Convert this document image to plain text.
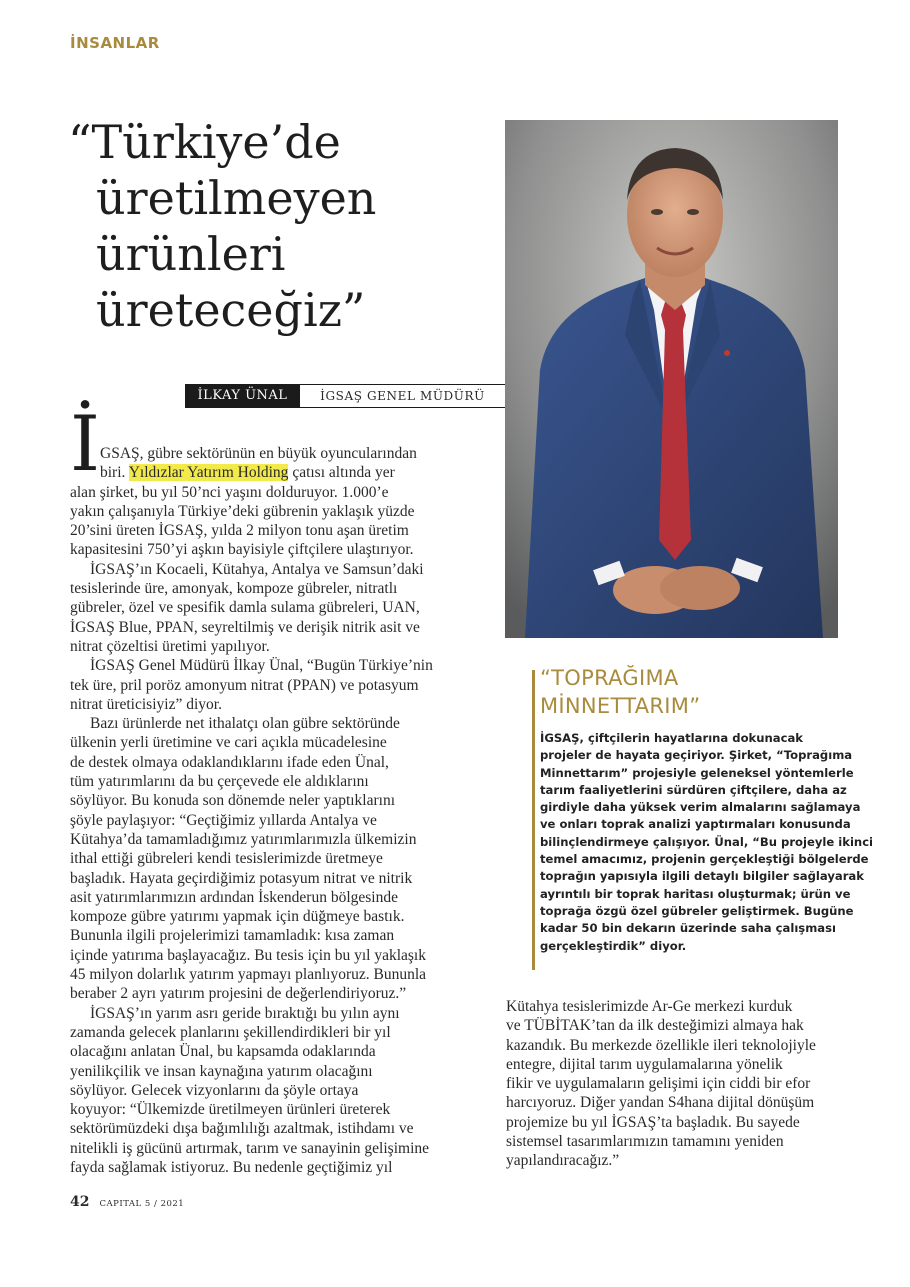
İNSANLAR
“Türkiye’de
üretilmeyen
ürünleri
üreteceğiz”
İLKAY ÜNAL	İGSAŞ GENEL MÜDÜRÜ
İ GSAŞ, gübre sektörünün en büyük oyuncularından
biri. Yıldızlar Yatırım Holding çatısı altında yer

alan şirket, bu yıl 50’nci yaşını dolduruyor. 1.000’e
yakın çalışanıyla Türkiye’deki gübrenin yaklaşık yüzde
20’sini üreten İGSAŞ, yılda 2 milyon tonu aşan üretim
kapasitesini 750’yi aşkın bayisiyle çiftçilere ulaştırıyor.

İGSAŞ’ın Kocaeli, Kütahya, Antalya ve Samsun’daki
tesislerinde üre, amonyak, kompoze gübreler, nitratlı
gübreler, özel ve spesifik damla sulama gübreleri, UAN,
İGSAŞ Blue, PPAN, seyreltilmiş ve derişik nitrik asit ve
nitrat çözeltisi üretimi yapılıyor.

İGSAŞ Genel Müdürü İlkay Ünal, “Bugün Türkiye’nin
tek üre, pril poröz amonyum nitrat (PPAN) ve potasyum
nitrat üreticisiyiz” diyor.

Bazı ürünlerde net ithalatçı olan gübre sektöründe
ülkenin yerli üretimine ve cari açıkla mücadelesine
de destek olmaya odaklandıklarını ifade eden Ünal,
tüm yatırımlarını da bu çerçevede ele aldıklarını
söylüyor. Bu konuda son dönemde neler yaptıklarını
şöyle paylaşıyor: “Geçtiğimiz yıllarda Antalya ve
Kütahya’da tamamladığımız yatırımlarımızla ülkemizin
ithal ettiği gübreleri kendi tesislerimizde üretmeye
başladık. Hayata geçirdiğimiz potasyum nitrat ve nitrik
asit yatırımlarımızın ardından İskenderun bölgesinde
kompoze gübre yatırımı yapmak için düğmeye bastık.
Bununla ilgili projelerimizi tamamladık: kısa zaman
içinde yatırıma başlayacağız. Bu tesis için bu yıl yaklaşık
45 milyon dolarlık yatırım yapmayı planlıyoruz. Bununla
beraber 2 ayrı yatırım projesini de değerlendiriyoruz.”

İGSAŞ’ın yarım asrı geride bıraktığı bu yılın aynı
zamanda gelecek planlarını şekillendirdikleri bir yıl
olacağını anlatan Ünal, bu kapsamda odaklarında
yenilikçilik ve insan kaynağına yatırım olacağını
söylüyor. Gelecek vizyonlarını da şöyle ortaya
koyuyor: “Ülkemizde üretilmeyen ürünleri üreterek
sektörümüzdeki dışa bağımlılığı azaltmak, istihdamı ve
nitelikli iş gücünü artırmak, tarım ve sanayinin gelişimine
fayda sağlamak istiyoruz. Bu nedenle geçtiğimiz yıl

“TOPRAĞIMA
MİNNETTARIM”
İGSAŞ, çiftçilerin hayatlarına dokunacak
projeler de hayata geçiriyor. Şirket, “Toprağıma
Minnettarım” projesiyle geleneksel yöntemlerle
tarım faaliyetlerini sürdüren çiftçilere, daha az
girdiyle daha yüksek verim almalarını sağlamaya
ve onları toprak analizi yaptırmaları konusunda
bilinçlendirmeye çalışıyor. Ünal, “Bu projeyle ikinci
temel amacımız, projenin gerçekleştiği bölgelerde
toprağın yapısıyla ilgili detaylı bilgiler sağlayarak
ayrıntılı bir toprak haritası oluşturmak; ürün ve
toprağa özgü özel gübreler geliştirmek. Bugüne
kadar 50 bin dekarın üzerinde saha çalışması
gerçekleştirdik” diyor.
Kütahya tesislerimizde Ar-Ge merkezi kurduk
ve TÜBİTAK’tan da ilk desteğimizi almaya hak
kazandık. Bu merkezde özellikle ileri teknolojiyle
entegre, dijital tarım uygulamalarına yönelik
fikir ve uygulamaların gelişimi için ciddi bir efor
harcıyoruz. Diğer yandan S4hana dijital dönüşüm
projemize bu yıl İGSAŞ’ta başladık. Bu sayede
sistemsel tasarımlarımızın tamamını yeniden
yapılandıracağız.”
42 CAPITAL 5 / 2021
